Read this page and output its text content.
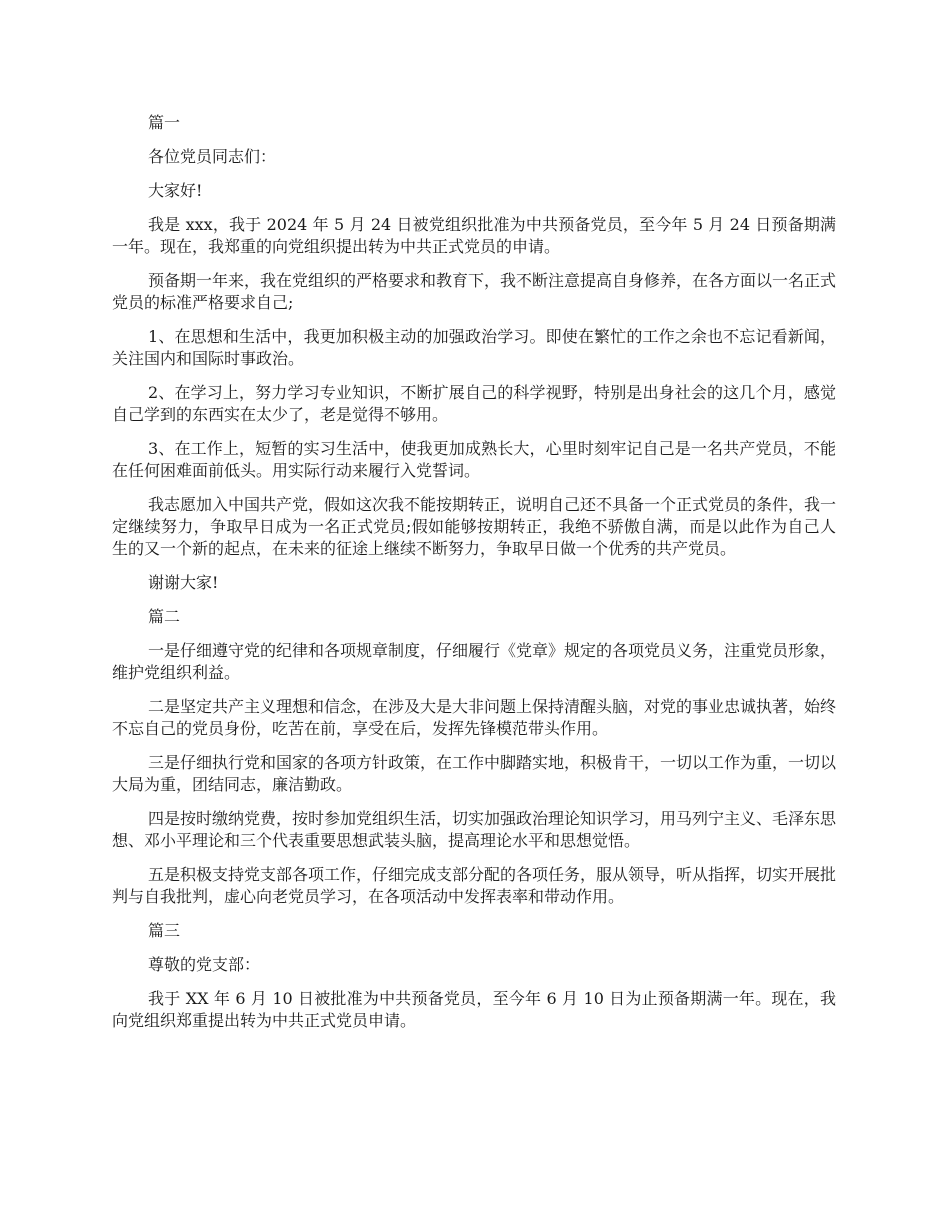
篇一

各位党员同志们：

大家好!

我是 xxx，我于 2024 年 5 月 24 日被党组织批准为中共预备党员，至今年 5 月 24 日预备期满一年。现在，我郑重的向党组织提出转为中共正式党员的申请。

预备期一年来，我在党组织的严格要求和教育下，我不断注意提高自身修养，在各方面以一名正式党员的标准严格要求自己;

1、在思想和生活中，我更加积极主动的加强政治学习。即使在繁忙的工作之余也不忘记看新闻，关注国内和国际时事政治。

2、在学习上，努力学习专业知识，不断扩展自己的科学视野，特别是出身社会的这几个月，感觉自己学到的东西实在太少了，老是觉得不够用。

3、在工作上，短暂的实习生活中，使我更加成熟长大，心里时刻牢记自己是一名共产党员，不能在任何困难面前低头。用实际行动来履行入党誓词。

我志愿加入中国共产党，假如这次我不能按期转正，说明自己还不具备一个正式党员的条件，我一定继续努力，争取早日成为一名正式党员;假如能够按期转正，我绝不骄傲自满，而是以此作为自己人生的又一个新的起点，在未来的征途上继续不断努力，争取早日做一个优秀的共产党员。

谢谢大家!

篇二

一是仔细遵守党的纪律和各项规章制度，仔细履行《党章》规定的各项党员义务，注重党员形象，维护党组织利益。

二是坚定共产主义理想和信念，在涉及大是大非问题上保持清醒头脑，对党的事业忠诚执著，始终不忘自己的党员身份，吃苦在前，享受在后，发挥先锋模范带头作用。

三是仔细执行党和国家的各项方针政策，在工作中脚踏实地，积极肯干，一切以工作为重，一切以大局为重，团结同志，廉洁勤政。

四是按时缴纳党费，按时参加党组织生活，切实加强政治理论知识学习，用马列宁主义、毛泽东思想、邓小平理论和三个代表重要思想武装头脑，提高理论水平和思想觉悟。

五是积极支持党支部各项工作，仔细完成支部分配的各项任务，服从领导，听从指挥，切实开展批判与自我批判，虚心向老党员学习，在各项活动中发挥表率和带动作用。

篇三

尊敬的党支部：

我于 XX 年 6 月 10 日被批准为中共预备党员，至今年 6 月 10 日为止预备期满一年。现在，我向党组织郑重提出转为中共正式党员申请。
